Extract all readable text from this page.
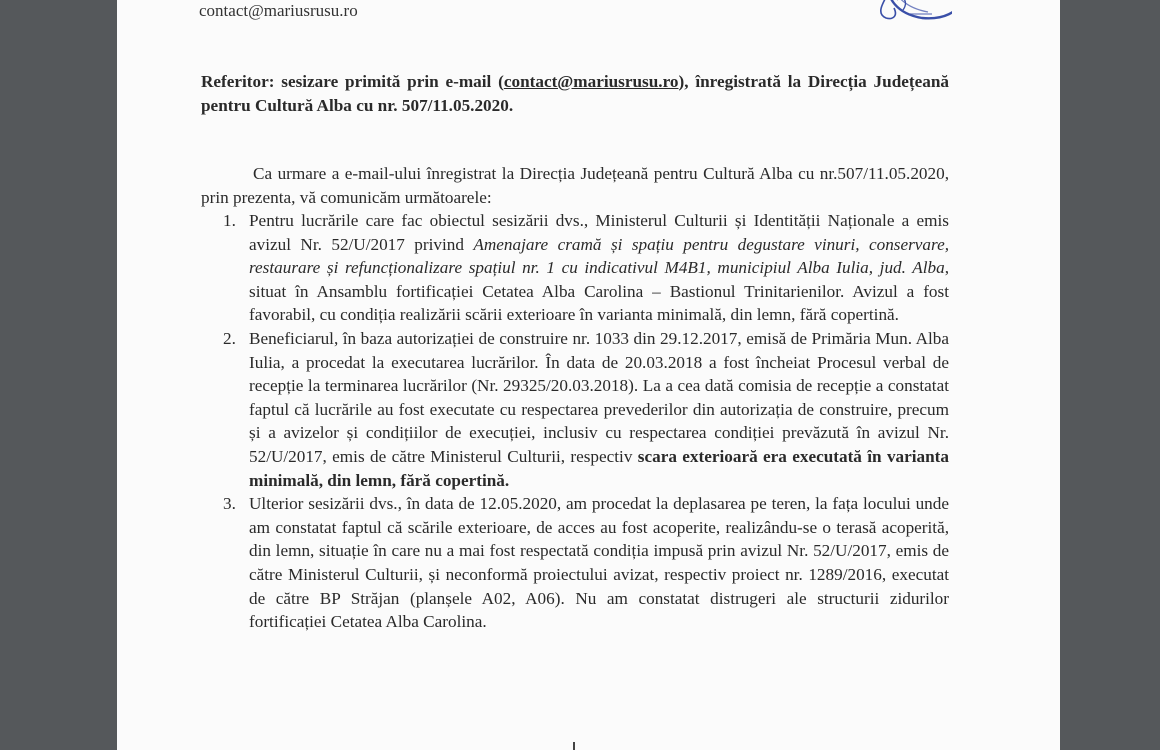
contact@mariusrusu.ro
Referitor: sesizare primită prin e-mail (contact@mariusrusu.ro), înregistrată la Direcția Județeană pentru Cultură Alba cu nr. 507/11.05.2020.
Ca urmare a e-mail-ului înregistrat la Direcția Județeană pentru Cultură Alba cu nr.507/11.05.2020, prin prezenta, vă comunicăm următoarele:
1. Pentru lucrările care fac obiectul sesizării dvs., Ministerul Culturii și Identității Naționale a emis avizul Nr. 52/U/2017 privind Amenajare cramă și spațiu pentru degustare vinuri, conservare, restaurare și refuncționalizare spațiul nr. 1 cu indicativul M4B1, municipiul Alba Iulia, jud. Alba, situat în Ansamblu fortificației Cetatea Alba Carolina – Bastionul Trinitarienilor. Avizul a fost favorabil, cu condiția realizării scării exterioare în varianta minimală, din lemn, fără copertină.
2. Beneficiarul, în baza autorizației de construire nr. 1033 din 29.12.2017, emisă de Primăria Mun. Alba Iulia, a procedat la executarea lucrărilor. În data de 20.03.2018 a fost încheiat Procesul verbal de recepție la terminarea lucrărilor (Nr. 29325/20.03.2018). La a cea dată comisia de recepție a constatat faptul că lucrările au fost executate cu respectarea prevederilor din autorizația de construire, precum și a avizelor și condițiilor de execuției, inclusiv cu respectarea condiției prevăzută în avizul Nr. 52/U/2017, emis de către Ministerul Culturii, respectiv scara exterioară era executată în varianta minimală, din lemn, fără copertină.
3. Ulterior sesizării dvs., în data de 12.05.2020, am procedat la deplasarea pe teren, la fața locului unde am constatat faptul că scările exterioare, de acces au fost acoperite, realizându-se o terasă acoperită, din lemn, situație în care nu a mai fost respectată condiția impusă prin avizul Nr. 52/U/2017, emis de către Ministerul Culturii, și neconformă proiectului avizat, respectiv proiect nr. 1289/2016, executat de către BP Străjan (planșele A02, A06). Nu am constatat distrugeri ale structurii zidurilor fortificației Cetatea Alba Carolina.
